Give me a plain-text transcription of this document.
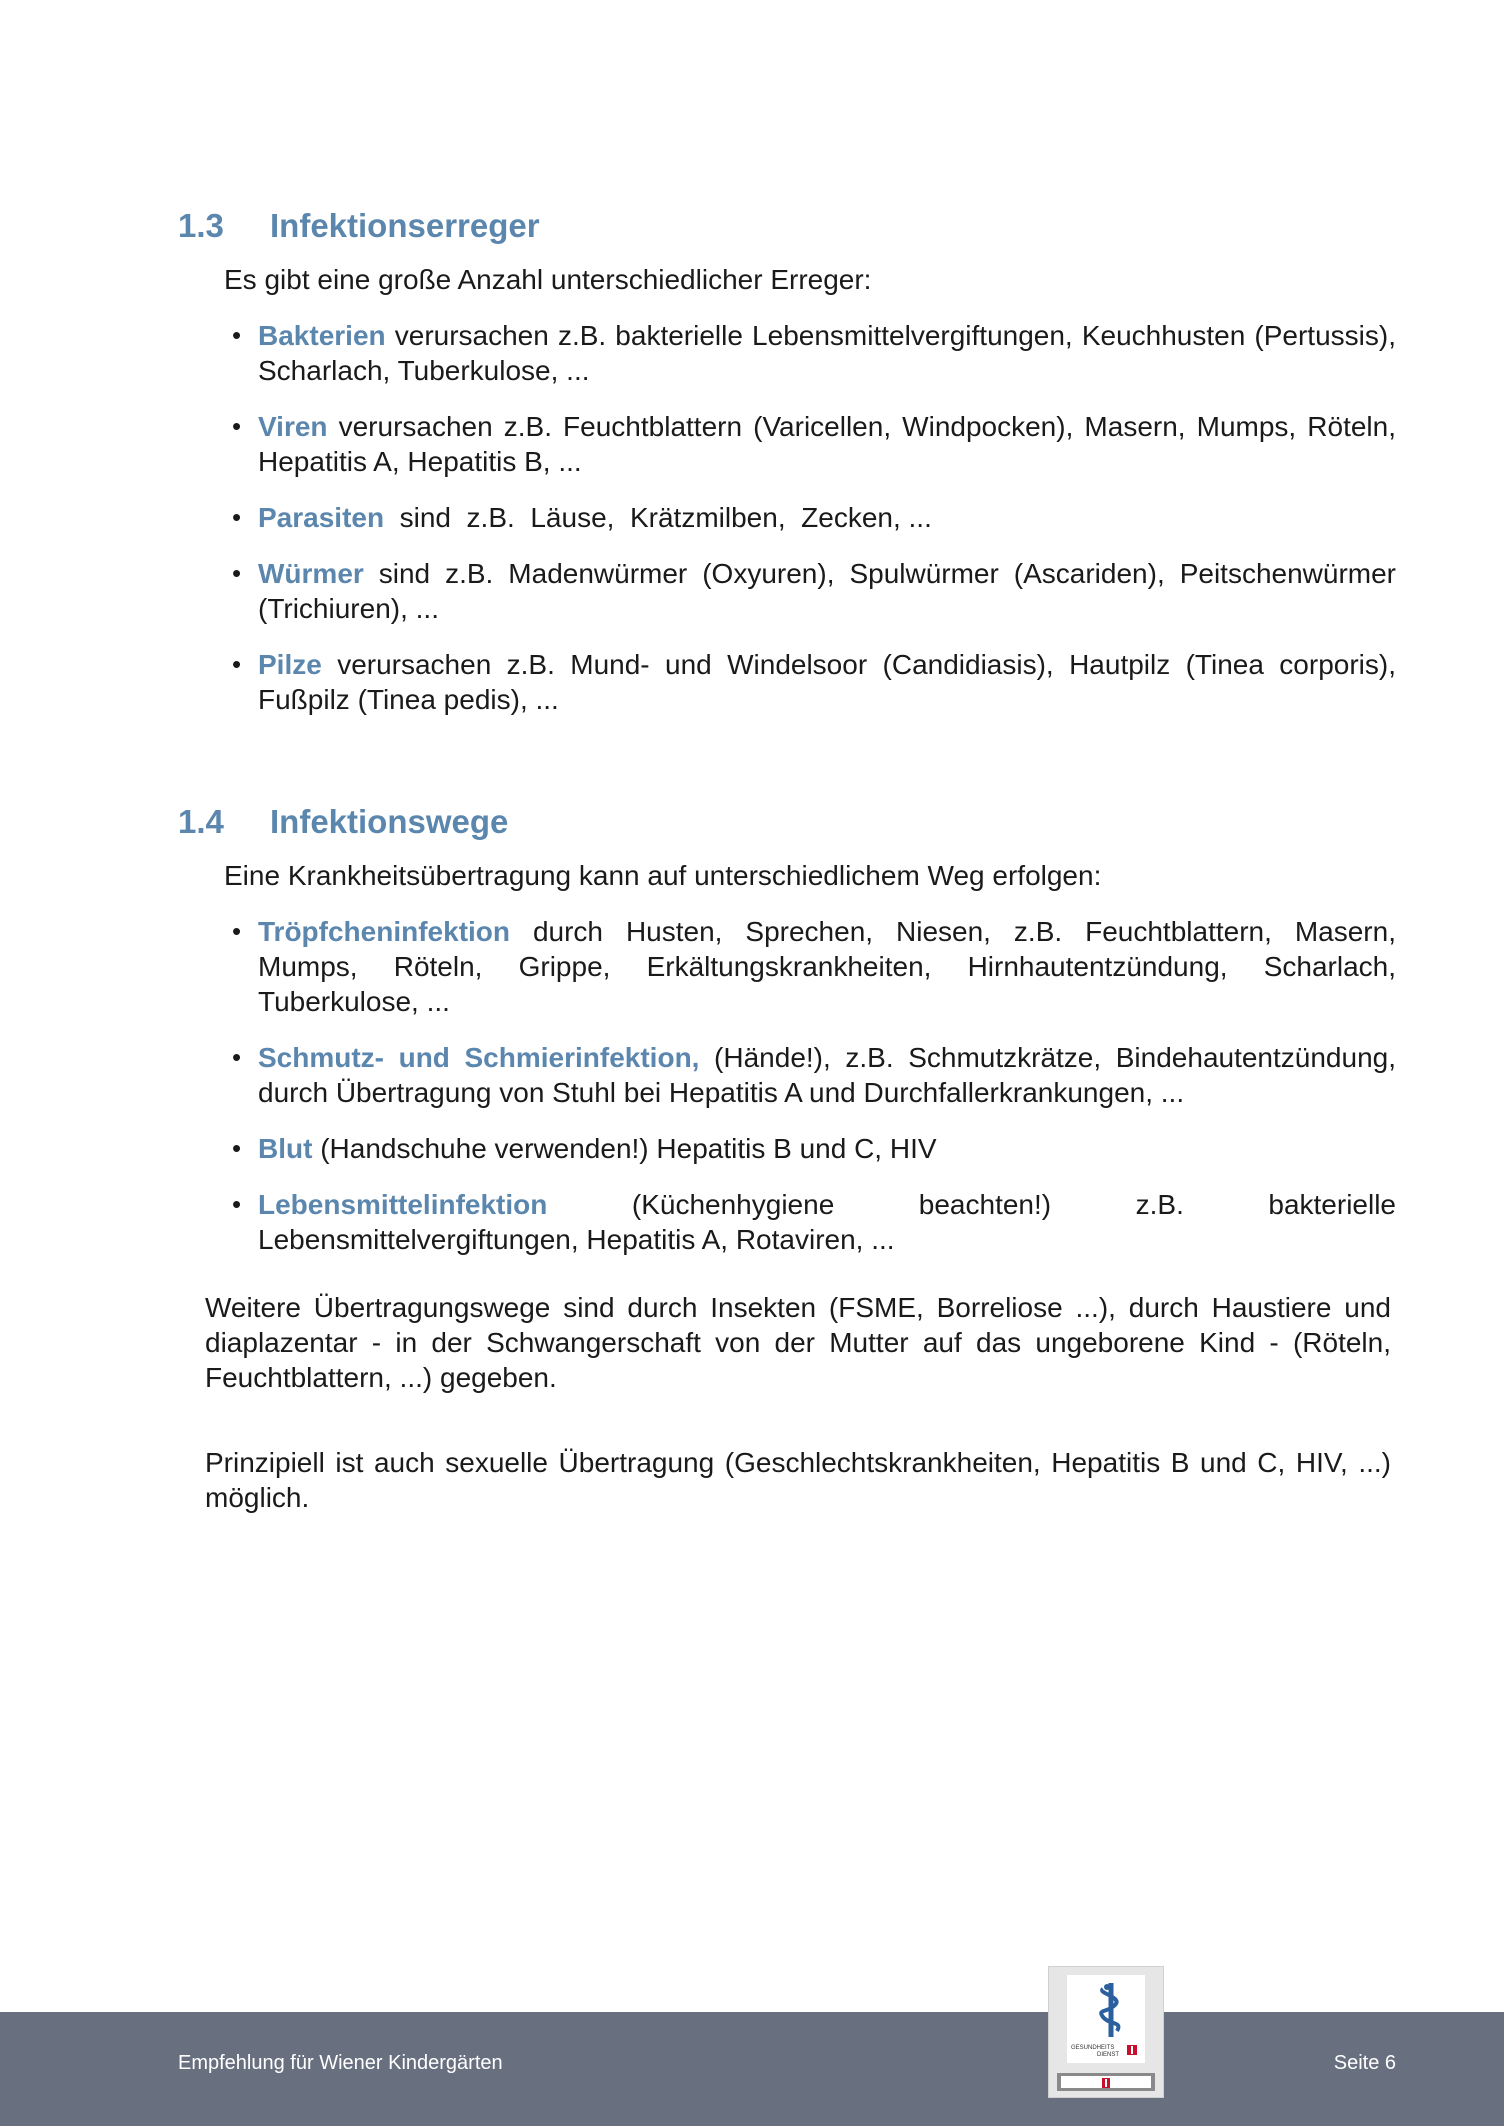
1.3 Infektionserreger

Es gibt eine große Anzahl unterschiedlicher Erreger:

• Bakterien verursachen z.B. bakterielle Lebensmittelvergiftungen, Keuchhusten (Pertussis), Scharlach, Tuberkulose, ...
• Viren verursachen z.B. Feuchtblattern (Varicellen, Windpocken), Masern, Mumps, Röteln, Hepatitis A, Hepatitis B, ...
• Parasiten  sind  z.B.  Läuse,  Krätzmilben,  Zecken, ...
• Würmer sind z.B. Madenwürmer (Oxyuren), Spulwürmer (Ascariden), Peitschenwürmer (Trichiuren), ...
• Pilze verursachen z.B. Mund- und Windelsoor (Candidiasis), Hautpilz (Tinea corporis), Fußpilz (Tinea pedis), ...
1.4 Infektionswege

Eine Krankheitsübertragung kann auf unterschiedlichem Weg erfolgen:

• Tröpfcheninfektion durch Husten, Sprechen, Niesen, z.B. Feuchtblattern, Masern, Mumps, Röteln, Grippe, Erkältungskrankheiten, Hirnhautentzündung, Scharlach, Tuberkulose, ...
• Schmutz- und Schmierinfektion, (Hände!), z.B. Schmutzkrätze, Bindehautentzündung, durch Übertragung von Stuhl bei Hepatitis A und Durchfallerkrankungen, ...
• Blut (Handschuhe verwenden!) Hepatitis B und C, HIV
• Lebensmittelinfektion (Küchenhygiene beachten!) z.B. bakterielle Lebensmittelvergiftungen, Hepatitis A, Rotaviren, ...

Weitere Übertragungswege sind durch Insekten (FSME, Borreliose ...), durch Haustiere und diaplazentar - in der Schwangerschaft von der Mutter auf das ungeborene Kind - (Röteln, Feuchtblattern, ...) gegeben.

Prinzipiell ist auch sexuelle Übertragung (Geschlechtskrankheiten, Hepatitis B und C, HIV, ...) möglich.

Empfehlung für Wiener Kindergärten	Seite 6
GESUNDHEITS
DIENST
